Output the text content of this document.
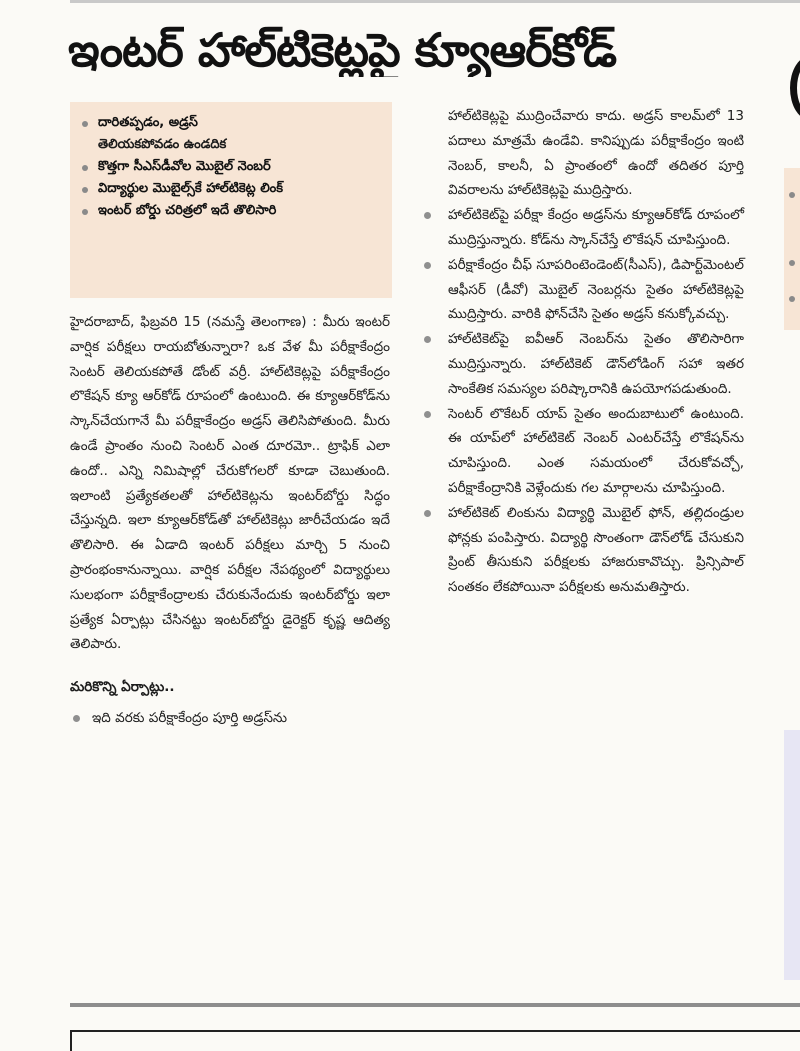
ఇంటర్ హాల్‌టికెట్లపై క్యూఆర్‌కోడ్
దారితప్పడం, అడ్రస్
తెలియకపోవడం ఉండదిక
కొత్తగా సీఎస్‌డీవోల మొబైల్ నెంబర్
విద్యార్థుల మొబైల్స్‌కే హాల్‌టికెట్ల లింక్
ఇంటర్ బోర్డు చరిత్రలో ఇదే తొలిసారి

హైదరాబాద్, ఫిబ్రవరి 15 (నమస్తే తెలంగాణ) : మీరు ఇంటర్ వార్షిక పరీక్షలు రాయబోతున్నారా? ఒక వేళ మీ పరీక్షాకేంద్రం సెంటర్ తెలియకపోతే డోంట్ వర్రీ. హాల్‌టికెట్లపై పరీక్షాకేంద్రం లొకేషన్ క్యూ ఆర్‌కోడ్ రూపంలో ఉంటుంది. ఈ క్యూఆర్‌కోడ్‌ను స్కాన్‌చేయగానే మీ పరీక్షాకేంద్రం అడ్రస్ తెలిసిపోతుంది. మీరు ఉండే ప్రాంతం నుంచి సెంటర్ ఎంత దూరమో.. ట్రాఫిక్ ఎలా ఉందో.. ఎన్ని నిమిషాల్లో చేరుకోగలరో కూడా చెబుతుంది. ఇలాంటి ప్రత్యేకతలతో హాల్‌టికెట్లను ఇంటర్‌బోర్డు సిద్ధం చేస్తున్నది. ఇలా క్యూఆర్‌కోడ్‌తో హాల్‌టికెట్లు జారీచేయడం ఇదే తొలిసారి. ఈ ఏడాది ఇంటర్ పరీక్షలు మార్చి 5 నుంచి ప్రారంభంకానున్నాయి. వార్షిక పరీక్షల నేపథ్యంలో విద్యార్థులు సులభంగా పరీక్షాకేంద్రాలకు చేరుకునేందుకు ఇంటర్‌బోర్డు ఇలా ప్రత్యేక ఏర్పాట్లు చేసినట్టు ఇంటర్‌బోర్డు డైరెక్టర్ కృష్ణ ఆదిత్య తెలిపారు.

మరికొన్ని ఏర్పాట్లు..

ఇది వరకు పరీక్షాకేంద్రం పూర్తి అడ్రస్‌ను

హాల్‌టికెట్లపై ముద్రించేవారు కాదు. అడ్రస్ కాలమ్‌లో 13 పదాలు మాత్రమే ఉండేవి. కానిప్పుడు పరీక్షాకేంద్రం ఇంటి నెంబర్, కాలనీ, ఏ ప్రాంతంలో ఉందో తదితర పూర్తి వివరాలను హాల్‌టికెట్లపై ముద్రిస్తారు.

హాల్‌టికెట్‌పై పరీక్షా కేంద్రం అడ్రస్‌ను క్యూఆర్‌కోడ్ రూపంలో ముద్రిస్తున్నారు. కోడ్‌ను స్కాన్‌చేస్తే లొకేషన్ చూపిస్తుంది.

పరీక్షాకేంద్రం చీఫ్ సూపరింటెండెంట్(సీఎస్), డిపార్ట్‌మెంటల్ ఆఫీసర్ (డీవో) మొబైల్ నెంబర్లను సైతం హాల్‌టికెట్లపై ముద్రిస్తారు. వారికి ఫోన్‌చేసి సైతం అడ్రస్ కనుక్కోవచ్చు.

హాల్‌టికెట్‌పై ఐవీఆర్ నెంబర్‌ను సైతం తొలిసారిగా ముద్రిస్తున్నారు. హాల్‌టికెట్ డౌన్‌లోడింగ్ సహా ఇతర సాంకేతిక సమస్యల పరిష్కారానికి ఉపయోగపడుతుంది.

సెంటర్ లొకేటర్ యాప్ సైతం అందుబాటులో ఉంటుంది. ఈ యాప్‌లో హాల్‌టికెట్ నెంబర్ ఎంటర్‌చేస్తే లొకేషన్‌ను చూపిస్తుంది. ఎంత సమయంలో చేరుకోవచ్చో, పరీక్షాకేంద్రానికి వెళ్లేందుకు గల మార్గాలను చూపిస్తుంది.

హాల్‌టికెట్ లింకును విద్యార్థి మొబైల్ ఫోన్, తల్లిదండ్రుల ఫోన్లకు పంపిస్తారు. విద్యార్థి సొంతంగా డౌన్‌లోడ్ చేసుకుని ప్రింట్ తీసుకుని పరీక్షలకు హాజరుకావొచ్చు. ప్రిన్సిపాల్ సంతకం లేకపోయినా పరీక్షలకు అనుమతిస్తారు.
